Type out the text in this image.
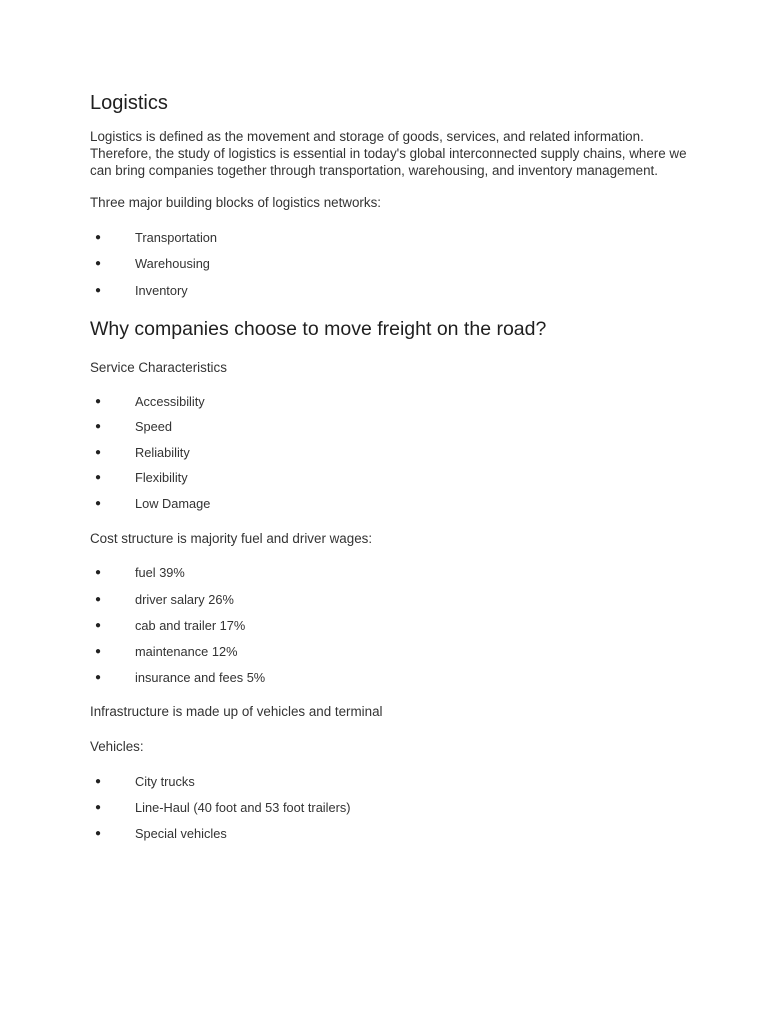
Logistics

Logistics is defined as the movement and storage of goods, services, and related information. Therefore, the study of logistics is essential in today's global interconnected supply chains, where we can bring companies together through transportation, warehousing, and inventory management.

Three major building blocks of logistics networks:

●	Transportation
●	Warehousing
●	Inventory
Why companies choose to move freight on the road?

Service Characteristics

●	Accessibility
●	Speed
●	Reliability
●	Flexibility
●	Low Damage

Cost structure is majority fuel and driver wages:

●	fuel 39%
●	driver salary 26%
●	cab and trailer 17%
●	maintenance 12%
●	insurance and fees 5%

Infrastructure is made up of vehicles and terminal

Vehicles:

●	City trucks
●	Line-Haul (40 foot and 53 foot trailers)
●	Special vehicles
